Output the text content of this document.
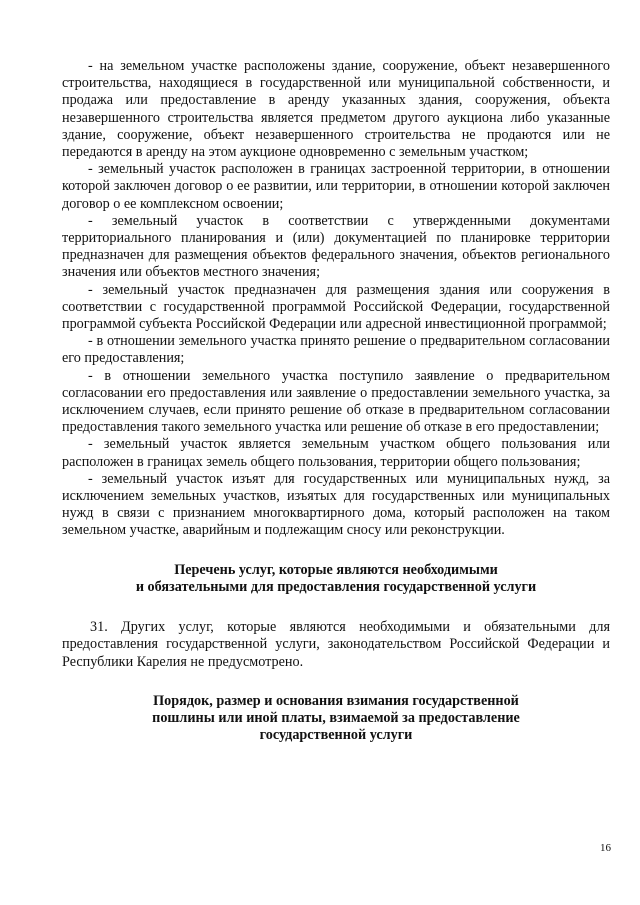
- на земельном участке расположены здание, сооружение, объект незавершенного строительства, находящиеся в государственной или муниципальной собственности, и продажа или предоставление в аренду указанных здания, сооружения, объекта незавершенного строительства является предметом другого аукциона либо указанные здание, сооружение, объект незавершенного строительства не продаются или не передаются в аренду на этом аукционе одновременно с земельным участком;

- земельный участок расположен в границах застроенной территории, в отношении которой заключен договор о ее развитии, или территории, в отношении которой заключен договор о ее комплексном освоении;

- земельный участок в соответствии с утвержденными документами территориального планирования и (или) документацией по планировке территории предназначен для размещения объектов федерального значения, объектов регионального значения или объектов местного значения;

- земельный участок предназначен для размещения здания или сооружения в соответствии с государственной программой Российской Федерации, государственной программой субъекта Российской Федерации или адресной инвестиционной программой;

- в отношении земельного участка принято решение о предварительном согласовании его предоставления;

- в отношении земельного участка поступило заявление о предварительном согласовании его предоставления или заявление о предоставлении земельного участка, за исключением случаев, если принято решение об отказе в предварительном согласовании предоставления такого земельного участка или решение об отказе в его предоставлении;

- земельный участок является земельным участком общего пользования или расположен в границах земель общего пользования, территории общего пользования;

- земельный участок изъят для государственных или муниципальных нужд, за исключением земельных участков, изъятых для государственных или муниципальных нужд в связи с признанием многоквартирного дома, который расположен на таком земельном участке, аварийным и подлежащим сносу или реконструкции.

Перечень услуг, которые являются необходимыми
и обязательными для предоставления государственной услуги

31. Других услуг, которые являются необходимыми и обязательными для предоставления государственной услуги, законодательством Российской Федерации и Республики Карелия не предусмотрено.

Порядок, размер и основания взимания государственной
пошлины или иной платы, взимаемой за предоставление
государственной услуги
16
